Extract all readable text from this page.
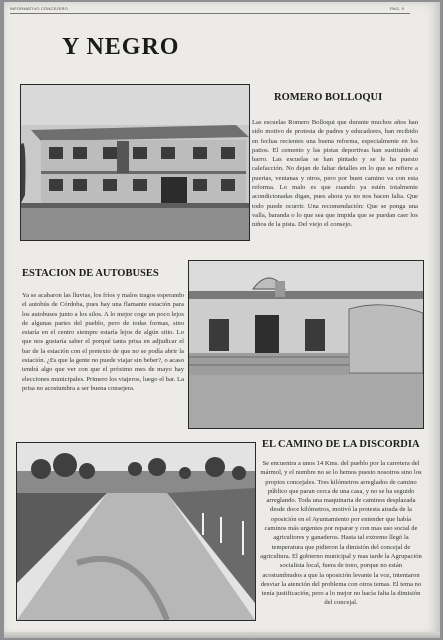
INFORMATIVO CONCEJERO	PAG. 9
Y NEGRO
ROMERO BOLLOQUI

Las escuelas Romero Bolloqui que durante muchos años han sido motivo de protesta de padres y educadores, han recibido en fechas recientes una buena reforma, especialmente en los patios. El cemento y las pistas deportivas han sustituido al barro. Las escuelas se han pintado y se le ha puesto calefacción. No dejan de faltar detalles en lo que se refiere a puertas, ventanas y otros, pero por buen camino va con esta reforma. Lo malo es que cuando ya estén totalmente acondicionadas digan, pues ahora ya no nos hacen falta. Que todo puede ocurrir. Una recomendación: Que se ponga una valla, baranda o lo que sea que impida que se puedan caer los niños de la pista. Del viejo el consejo.

ESTACION DE AUTOBUSES

Ya se acabaron las lluvias, los fríos y malos tragos esperando el autobús de Córdoba, pues hay una flamante estación para los autobuses junto a los silos. A lo mejor coge un poco lejos de algunas partes del pueblo, pero de todas formas, sino estaría en el centro siempre estaría lejos de algún sitio. Lo que nos gustaría saber el porqué tanta prisa en adjudicar el bar de la estación con el pretexto de que no se podía abrir la estación. ¿Es que la gente no puede viajar sin beber?, o acaso tendrá algo que ver con que el próximo mes de mayo hay elecciones municipales. Primero los viajeros, luego el bar. La prisa no acostumbra a ser buena consejera.

EL CAMINO DE LA DISCORDIA

Se encuentra a unos 14 Kms. del pueblo por la carretera del mármol, y el nombre no se lo hemos puesto nosotros sino los propios concejales. Tres kilómetros arreglados de camino público que paran cerca de una casa, y no se ha seguido arreglando. Toda una maquinaria de caminos desplazada desde doce kilómetros, motivó la protesta airada de la oposición en el Ayuntamiento por entender que había caminos más urgentes por reparar y con mas uso social de agricultores y ganaderos. Hasta tal extremo llegó la temperatura que pidieron la dimisión del concejal de agricultura. El gobierno municipal y mas tarde la Agrupación socialista local, fuera de tono, porque no están acostumbrados a que la oposición levante la voz, intentaron desviar la atención del problema con otros temas. El tema no tenía justificación, pero a lo mejor no hacía falta la dimisión del concejal.
